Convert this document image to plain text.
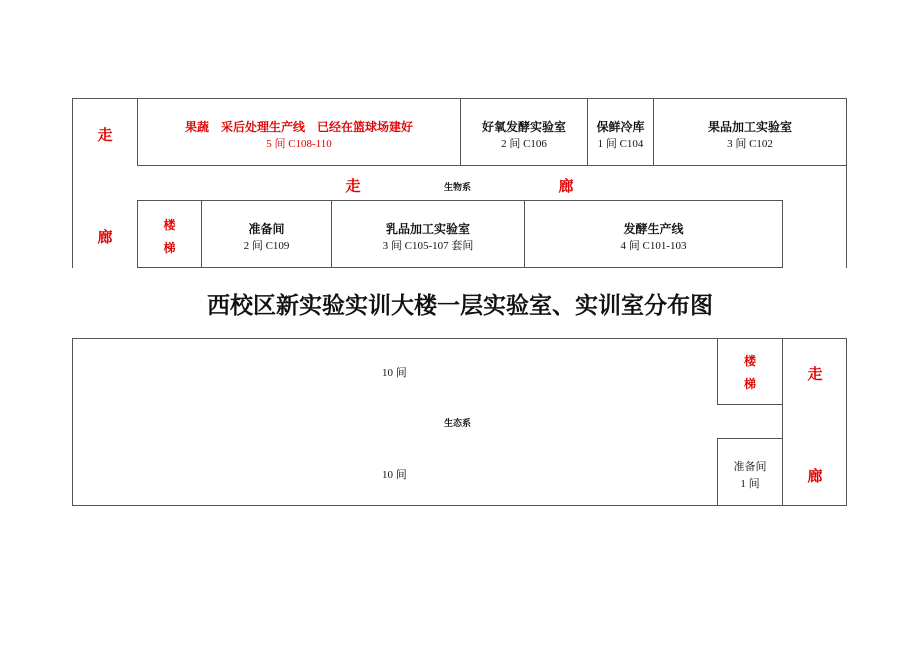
走
廊
果蔬　采后处理生产线　已经在篮球场建好
5 间 C108-110
好氧发酵实验室
2 间 C106
保鲜冷库
1 间 C104
果品加工实验室
3 间 C102
走	生物系	廊
楼
梯
准备间
2 间 C109
乳品加工实验室
3 间 C105-107 套间
发酵生产线
4 间 C101-103
西校区新实验实训大楼一层实验室、实训室分布图
10 间
生态系
10 间
楼
梯
准备间
1 间
走
廊
